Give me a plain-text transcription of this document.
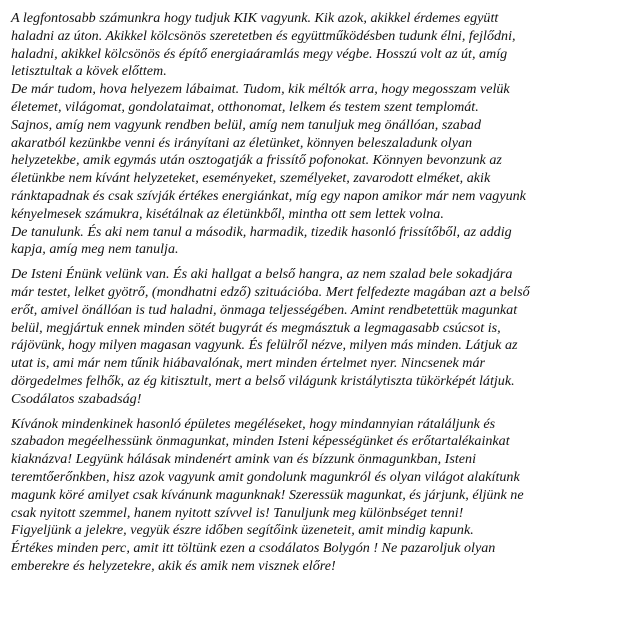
A legfontosabb számunkra hogy tudjuk KIK vagyunk. Kik azok, akikkel érdemes együtt
haladni az úton. Akikkel kölcsönös szeretetben és együttműködésben tudunk élni, fejlődni,
haladni, akikkel kölcsönös és építő energiaáramlás megy végbe. Hosszú volt az út, amíg
letisztultak a kövek előttem.
De már tudom, hova helyezem lábaimat. Tudom, kik méltók arra, hogy megosszam velük
életemet, világomat, gondolataimat, otthonomat, lelkem és testem szent templomát.
Sajnos, amíg nem vagyunk rendben belül, amíg nem tanuljuk meg önállóan, szabad
akaratból kezünkbe venni és irányítani az életünket, könnyen beleszaladunk olyan
helyzetekbe, amik egymás után osztogatják a frissítő pofonokat. Könnyen bevonzunk az
életünkbe nem kívánt helyzeteket, eseményeket, személyeket, zavarodott elméket, akik
ránktapadnak és csak szívják értékes energiánkat, míg egy napon amikor már nem vagyunk
kényelmesek számukra, kisétálnak az életünkből, mintha ott sem lettek volna.
De tanulunk. És aki nem tanul a második, harmadik, tizedik hasonló frissítőből, az addig
kapja, amíg meg nem tanulja.
De Isteni Énünk velünk van. És aki hallgat a belső hangra, az nem szalad bele sokadjára
már testet, lelket gyötrő, (mondhatni edző) szituációba. Mert felfedezte magában azt a belső
erőt, amivel önállóan is tud haladni, önmaga teljességében. Amint rendbetettük magunkat
belül, megjártuk ennek minden sötét bugyrát és megmásztuk a legmagasabb csúcsot is,
rájövünk, hogy milyen magasan vagyunk. És felülről nézve, milyen más minden. Látjuk az
utat is, ami már nem tűnik hiábavalónak, mert minden értelmet nyer. Nincsenek már
dörgedelmes felhők, az ég kitisztult, mert a belső világunk kristálytiszta tükörképét látjuk.
Csodálatos szabadság!
Kívánok mindenkinek hasonló épületes megéléseket, hogy mindannyian rátaláljunk és
szabadon megéelhessünk önmagunkat, minden Isteni képességünket és erőtartalékainkat
kiaknázva! Legyünk hálásak mindenért amink van és bízzunk önmagunkban, Isteni
teremtőerőnkben, hisz azok vagyunk amit gondolunk magunkról és olyan világot alakítunk
magunk köré amilyet csak kívánunk magunknak! Szeressük magunkat, és járjunk, éljünk ne
csak nyitott szemmel, hanem nyitott szívvel is! Tanuljunk meg különbséget tenni!
Figyeljünk a jelekre, vegyük észre időben segítőink üzeneteit, amit mindig kapunk.
Értékes minden perc, amit itt töltünk ezen a csodálatos Bolygón ! Ne pazaroljuk olyan
emberekre és helyzetekre, akik és amik nem visznek előre!
